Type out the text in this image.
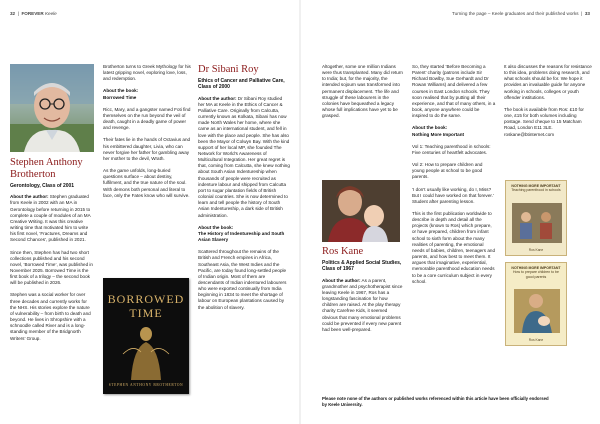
32 | FOREVER Keele
Stephen Anthony
Brotherton
Gerontology, Class of 2001

About the author: Stephen graduated from Keele in 2002 with an MA in Gerontology before returning in 2015 to complete a couple of modules of an MA Creative Writing. It was this creative writing time that motivated him to write his first novel, ‘Fractures, Dreams and Second Chances’, published in 2021.

Since then, Stephen has had two short collections published and his second novel, ‘Borrowed Time’, was published in November 2025. Borrowed Time is the first book of a trilogy – the second book will be published in 2026.

Stephen was a social worker for over three decades and currently works for the NHS. His stories explore the nature of vulnerability – from birth to death and beyond. He lives in Shropshire with a schnoodle called River and is a long-standing member of the Bridgnorth Writers’ Group.

Brotherton turns to Greek Mythology for his latest gripping novel, exploring love, loss, and redemption.

About the book:
Borrowed Time

Ricc, Mary, and a gangster named Foti find themselves on the run beyond the veil of death, caught in a deadly game of power and revenge.

Their fates lie in the hands of Octavius and his embittered daughter, Livia, who can never forgive her father for gambling away her mother to the devil, Wrath.

As the game unfolds, long-buried questions surface – about destiny, fulfilment, and the true nature of the soul. With demons both personal and literal to face, only the Fates know who will survive.

BORROWED
TIME
STEPHEN ANTHONY BROTHERTON
Dr Sibani Roy
Ethics of Cancer and Palliative Care, Class of 2000

About the author: Dr Sibani Roy studied her MA at Keele in the Ethics of Cancer & Palliative Care. Originally from Calcutta, currently known as Kolkata, Sibani has now made North Wales her home, where she came as an international student, and fell in love with the place and people. She has also been the Mayor of Colwyn Bay. With the kind support of her local MP, she founded The Network for World’s Awareness of Multicultural Integration. Her great regret is that, coming from Calcutta, she knew nothing about South Asian Indentureship when thousands of people were recruited as indenture labour and shipped from Calcutta port to sugar plantation fields of British colonial countries. She is now determined to learn and tell people the history of South Asian Indentureship, a dark side of British administration.

About the book:
The History of Indentureship and South Asian Slavery

Scattered throughout the remains of the British and French empires in Africa, Southeast Asia, the West Indies and the Pacific, are today found long-settled people of Indian origin. Most of them are descendants of Indian indentured labourers who were exported continually from India beginning in 1834 to meet the shortage of labour on European plantations caused by the abolition of slavery.

Turning the page – Keele graduates and their published works | 33

Altogether, some one million Indians were thus transplanted. Many did return to India; but, for the majority, the intended sojourn was transformed into permanent displacement. The life and struggle of these labourers in the colonies have bequeathed a legacy whose full implications have yet to be grasped.

Ros Kane
Politics & Applied Social Studies, Class of 1967

About the author: As a parent, grandmother and psychotherapist since leaving Keele in 1967, Ros has a longstanding fascination for how children are raised. At the play therapy charity Carefree Kids, it seemed obvious that many emotional problems could be prevented if every new parent had been well-prepared.

So, they started ‘Before Becoming a Parent’ charity (patrons include Sir Richard Bowlby, Sue Gerhardt and Dr Rowan Williams) and delivered a few courses in East London schools. They soon realised that by putting all their experience, and that of many others, in a book, anyone anywhere could be inspired to do the same.

About the book:
Nothing More Important

Vol 1: Teaching parenthood in schools: Five centuries of heartfelt advocates.

Vol 2: How to prepare children and young people at school to be good parents.

‘I don’t usually like working, do I, Miss? But I could have worked on that forever.’ Student after parenting lesson.

This is the first publication worldwide to describe in depth and detail all the projects (known to Ros) which prepare, or have prepared, children from infant school to sixth form about the many realities of parenting, the emotional needs of babies, children, teenagers and parents, and how best to meet them. It argues that imaginative, experiential, memorable parenthood education needs to be a core curriculum subject in every school.

It also discusses the reasons for resistance to this idea, problems doing research, and what schools should be for. We hope it provides an invaluable guide for anyone working in schools, colleges or youth offender institutions.

The book is available from Ros: £10 for one, £15 for both volumes including postage. Send cheque to 15 Matcham Road, London E11 3LE. roskane@btinternet.com

NOTHING MORE IMPORTANT
Teaching parenthood in schools
Ros Kane
NOTHING MORE IMPORTANT
How to prepare children to be good parents
Ros Kane
Please note none of the authors or published works referenced within this article have been officially endorsed by Keele University.
